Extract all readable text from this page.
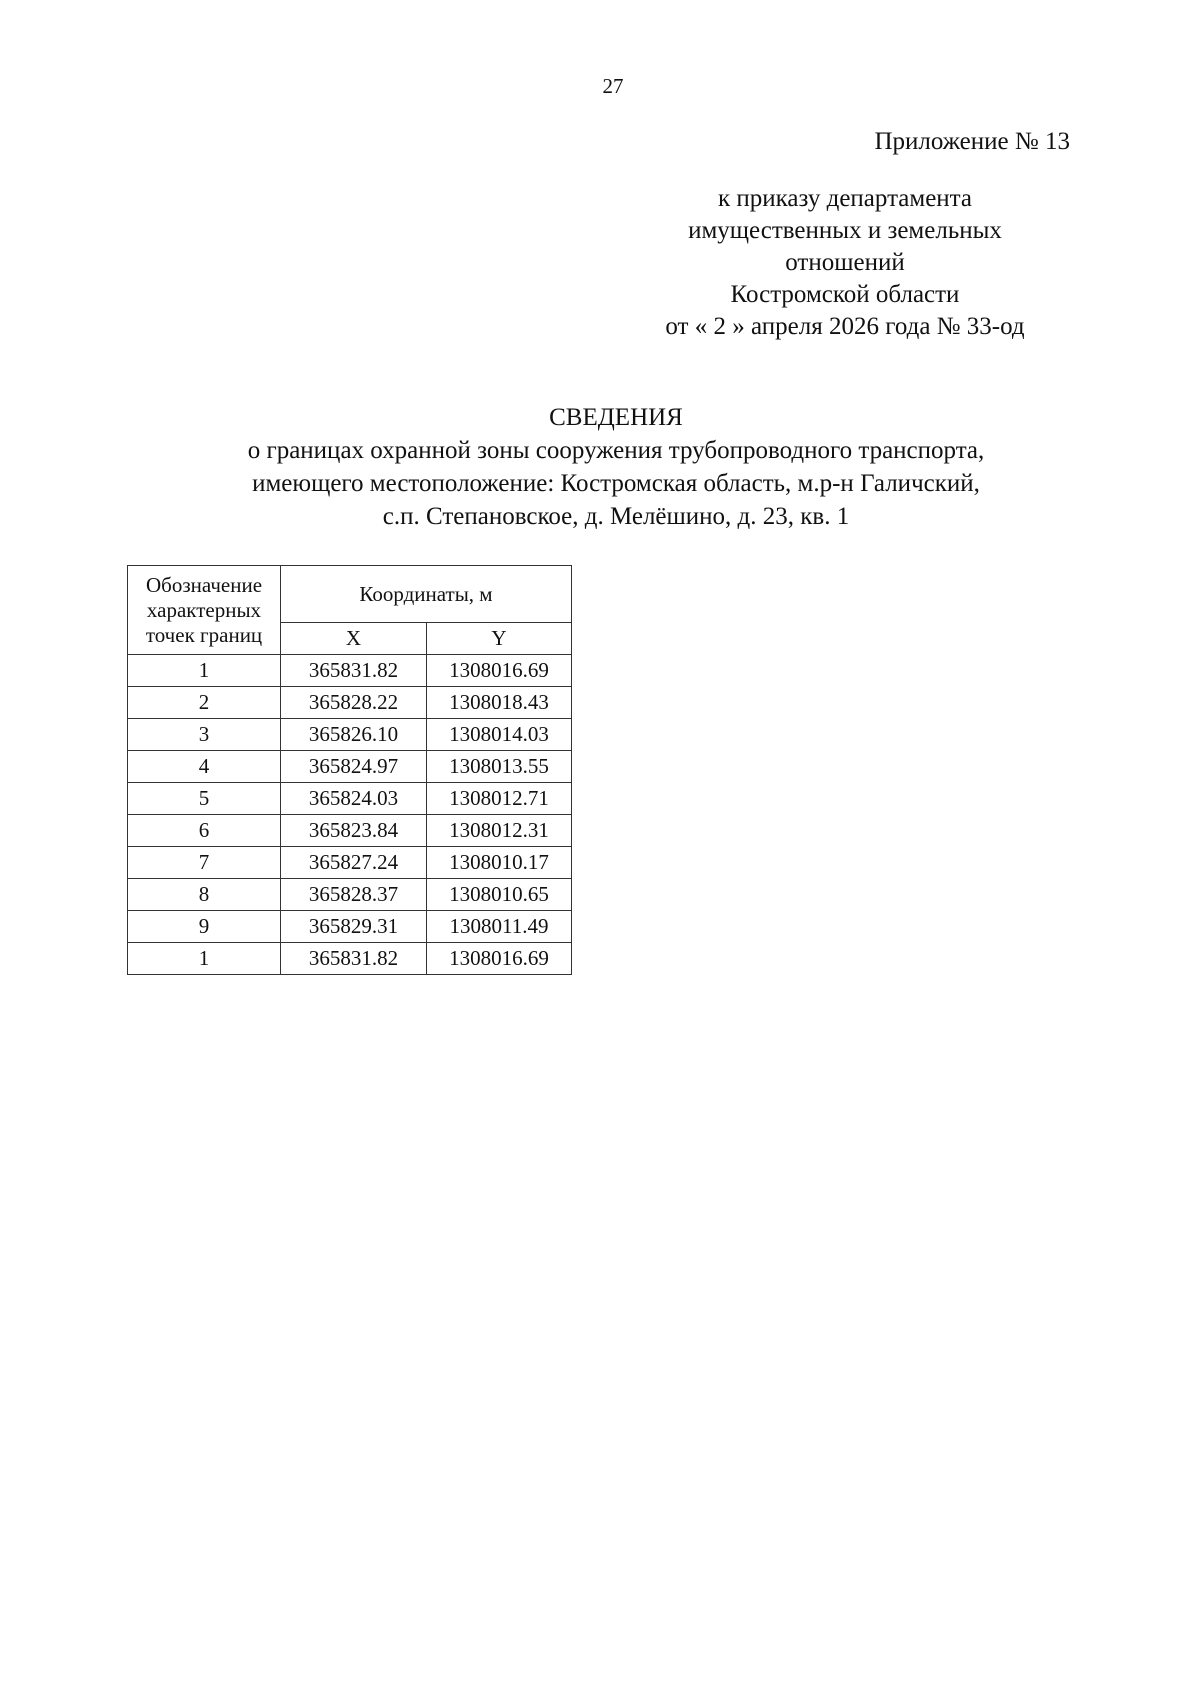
27
Приложение № 13
к приказу департамента
имущественных и земельных
отношений
Костромской области
от « 2 » апреля 2026 года № 33-од
СВЕДЕНИЯ
о границах охранной зоны сооружения трубопроводного транспорта,
имеющего местоположение: Костромская область, м.р-н Галичский,
с.п. Степановское, д. Мелёшино, д. 23, кв. 1
Обозначение
характерных
точек границ	Координаты, м	
	X	Y
1	365831.82	1308016.69
2	365828.22	1308018.43
3	365826.10	1308014.03
4	365824.97	1308013.55
5	365824.03	1308012.71
6	365823.84	1308012.31
7	365827.24	1308010.17
8	365828.37	1308010.65
9	365829.31	1308011.49
1	365831.82	1308016.69
